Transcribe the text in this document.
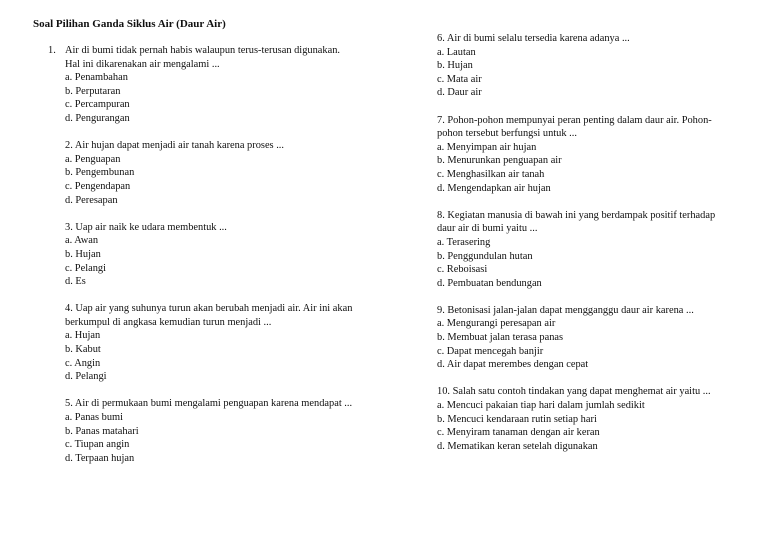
Soal Pilihan Ganda Siklus Air (Daur Air)
1. Air di bumi tidak pernah habis walaupun terus-terusan digunakan.
Hal ini dikarenakan air mengalami ...
a. Penambahan
b. Perputaran
c. Percampuran
d. Pengurangan
2. Air hujan dapat menjadi air tanah karena proses ...
a. Penguapan
b. Pengembunan
c. Pengendapan
d. Peresapan
3. Uap air naik ke udara membentuk ...
a. Awan
b. Hujan
c. Pelangi
d. Es
4. Uap air yang suhunya turun akan berubah menjadi air. Air ini akan
berkumpul di angkasa kemudian turun menjadi ...
a. Hujan
b. Kabut
c. Angin
d. Pelangi
5. Air di permukaan bumi mengalami penguapan karena mendapat ...
a. Panas bumi
b. Panas matahari
c. Tiupan angin
d. Terpaan hujan
6. Air di bumi selalu tersedia karena adanya ...
a. Lautan
b. Hujan
c. Mata air
d. Daur air
7. Pohon-pohon mempunyai peran penting dalam daur air. Pohon-
pohon tersebut berfungsi untuk ...
a. Menyimpan air hujan
b. Menurunkan penguapan air
c. Menghasilkan air tanah
d. Mengendapkan air hujan
8. Kegiatan manusia di bawah ini yang berdampak positif terhadap
daur air di bumi yaitu ...
a. Terasering
b. Penggundulan hutan
c. Reboisasi
d. Pembuatan bendungan
9. Betonisasi jalan-jalan dapat mengganggu daur air karena ...
a. Mengurangi peresapan air
b. Membuat jalan terasa panas
c. Dapat mencegah banjir
d. Air dapat merembes dengan cepat
10. Salah satu contoh tindakan yang dapat menghemat air yaitu ...
a. Mencuci pakaian tiap hari dalam jumlah sedikit
b. Mencuci kendaraan rutin setiap hari
c. Menyiram tanaman dengan air keran
d. Mematikan keran setelah digunakan
